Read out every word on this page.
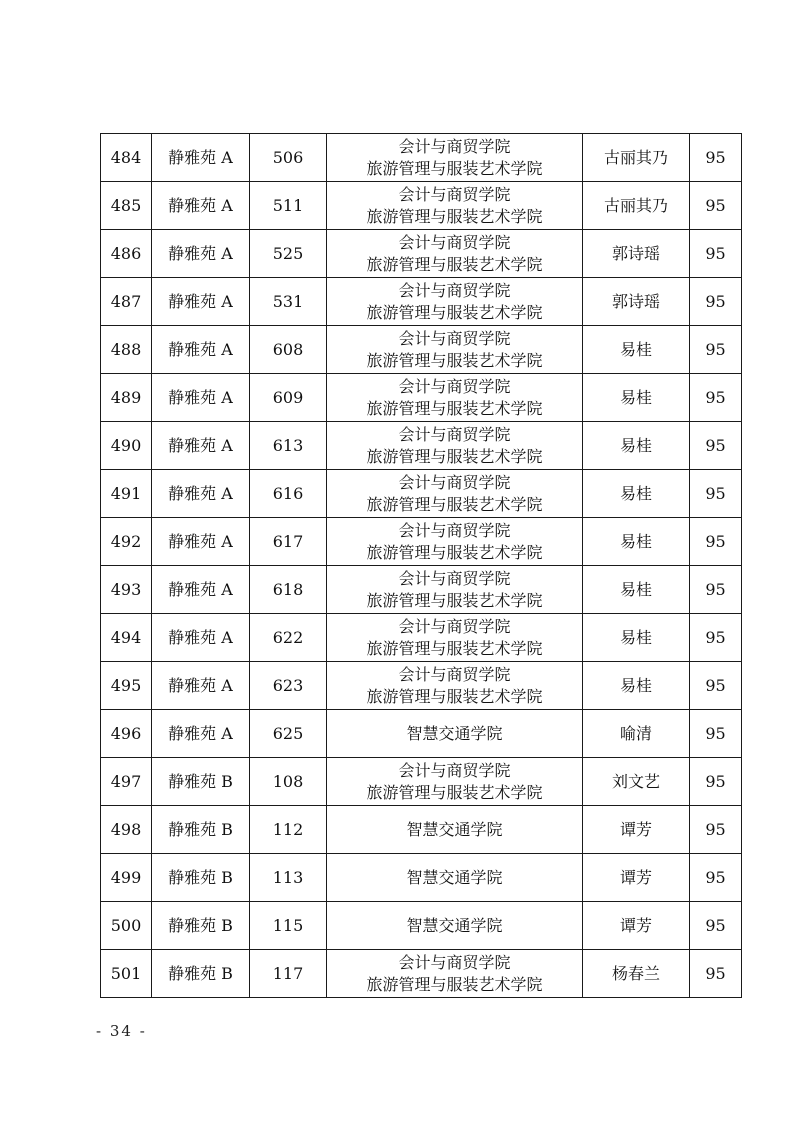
484	静雅苑 A	506	会计与商贸学院
旅游管理与服装艺术学院	古丽其乃	95
485	静雅苑 A	511	会计与商贸学院
旅游管理与服装艺术学院	古丽其乃	95
486	静雅苑 A	525	会计与商贸学院
旅游管理与服装艺术学院	郭诗瑶	95
487	静雅苑 A	531	会计与商贸学院
旅游管理与服装艺术学院	郭诗瑶	95
488	静雅苑 A	608	会计与商贸学院
旅游管理与服装艺术学院	易桂	95
489	静雅苑 A	609	会计与商贸学院
旅游管理与服装艺术学院	易桂	95
490	静雅苑 A	613	会计与商贸学院
旅游管理与服装艺术学院	易桂	95
491	静雅苑 A	616	会计与商贸学院
旅游管理与服装艺术学院	易桂	95
492	静雅苑 A	617	会计与商贸学院
旅游管理与服装艺术学院	易桂	95
493	静雅苑 A	618	会计与商贸学院
旅游管理与服装艺术学院	易桂	95
494	静雅苑 A	622	会计与商贸学院
旅游管理与服装艺术学院	易桂	95
495	静雅苑 A	623	会计与商贸学院
旅游管理与服装艺术学院	易桂	95
496	静雅苑 A	625	智慧交通学院	喻清	95
497	静雅苑 B	108	会计与商贸学院
旅游管理与服装艺术学院	刘文艺	95
498	静雅苑 B	112	智慧交通学院	谭芳	95
499	静雅苑 B	113	智慧交通学院	谭芳	95
500	静雅苑 B	115	智慧交通学院	谭芳	95
501	静雅苑 B	117	会计与商贸学院
旅游管理与服装艺术学院	杨春兰	95
- 34 -
